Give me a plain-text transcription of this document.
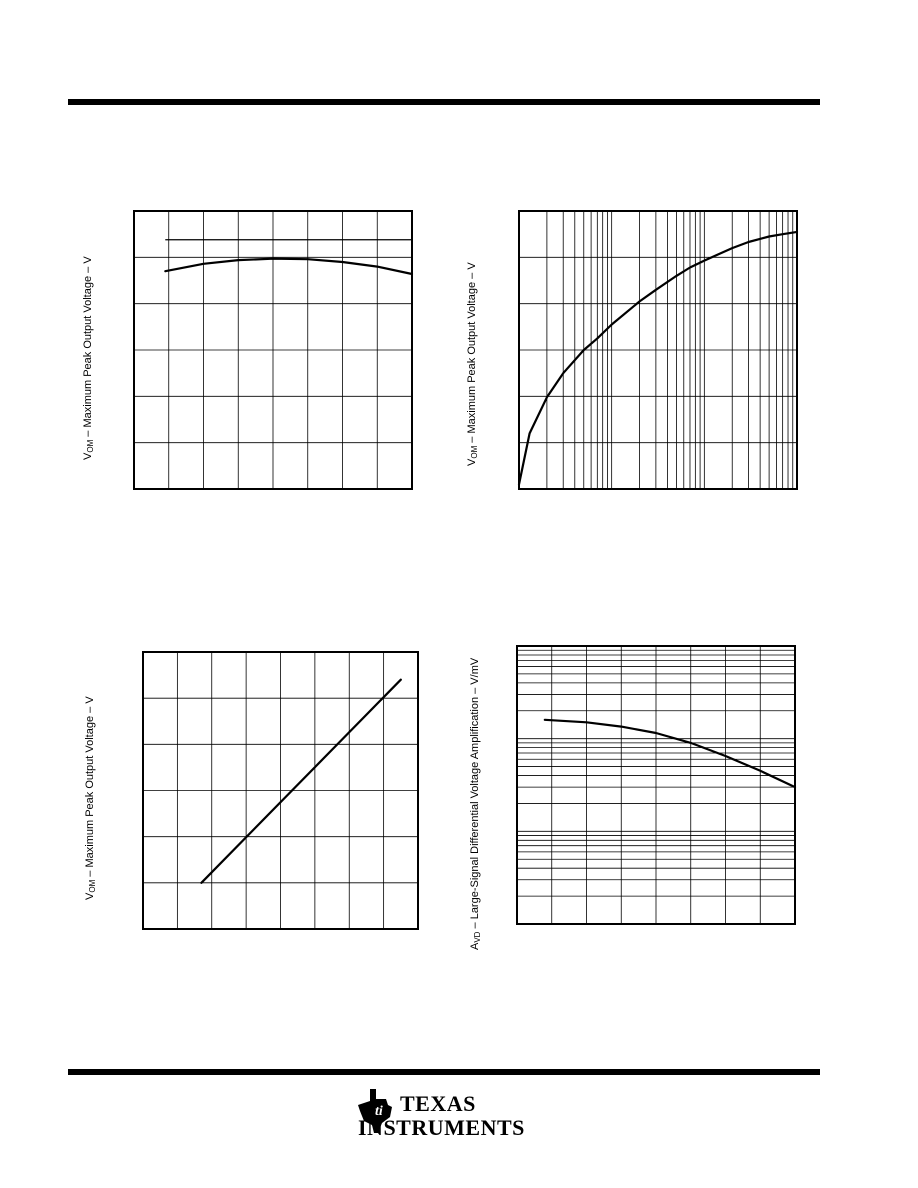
$V_{OM}$ – Maximum Peak Output Voltage – V
$V_{OM}$ – Maximum Peak Output Voltage – V
$V_{OM}$ – Maximum Peak Output Voltage – V
$A_{VD}$ – Large-Signal Differential Voltage Amplification – V/mV
ti TEXAS
INSTRUMENTS
